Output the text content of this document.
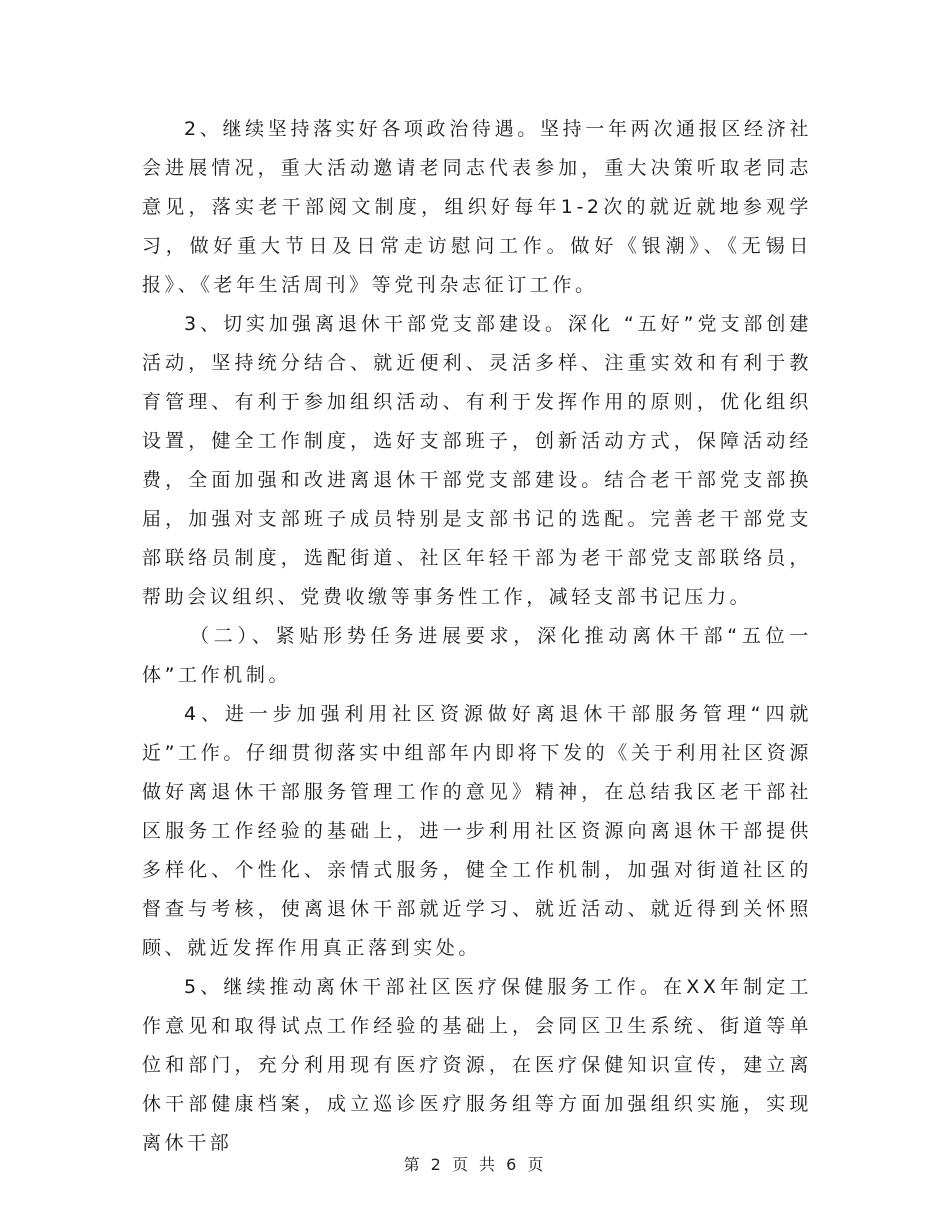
2、继续坚持落实好各项政治待遇。坚持一年两次通报区经济社会进展情况，重大活动邀请老同志代表参加，重大决策听取老同志意见，落实老干部阅文制度，组织好每年1-2次的就近就地参观学习，做好重大节日及日常走访慰问工作。做好《银潮》、《无锡日报》、《老年生活周刊》等党刊杂志征订工作。

3、切实加强离退休干部党支部建设。深化 “五好”党支部创建活动，坚持统分结合、就近便利、灵活多样、注重实效和有利于教育管理、有利于参加组织活动、有利于发挥作用的原则，优化组织设置，健全工作制度，选好支部班子，创新活动方式，保障活动经费，全面加强和改进离退休干部党支部建设。结合老干部党支部换届，加强对支部班子成员特别是支部书记的选配。完善老干部党支部联络员制度，选配街道、社区年轻干部为老干部党支部联络员，帮助会议组织、党费收缴等事务性工作，减轻支部书记压力。

（二）、紧贴形势任务进展要求，深化推动离休干部“五位一体”工作机制。

4、进一步加强利用社区资源做好离退休干部服务管理“四就近”工作。仔细贯彻落实中组部年内即将下发的《关于利用社区资源做好离退休干部服务管理工作的意见》精神，在总结我区老干部社区服务工作经验的基础上，进一步利用社区资源向离退休干部提供多样化、个性化、亲情式服务，健全工作机制，加强对街道社区的督查与考核，使离退休干部就近学习、就近活动、就近得到关怀照顾、就近发挥作用真正落到实处。

5、继续推动离休干部社区医疗保健服务工作。在XX年制定工作意见和取得试点工作经验的基础上，会同区卫生系统、街道等单位和部门，充分利用现有医疗资源，在医疗保健知识宣传，建立离休干部健康档案，成立巡诊医疗服务组等方面加强组织实施，实现离休干部

第 2 页 共 6 页
